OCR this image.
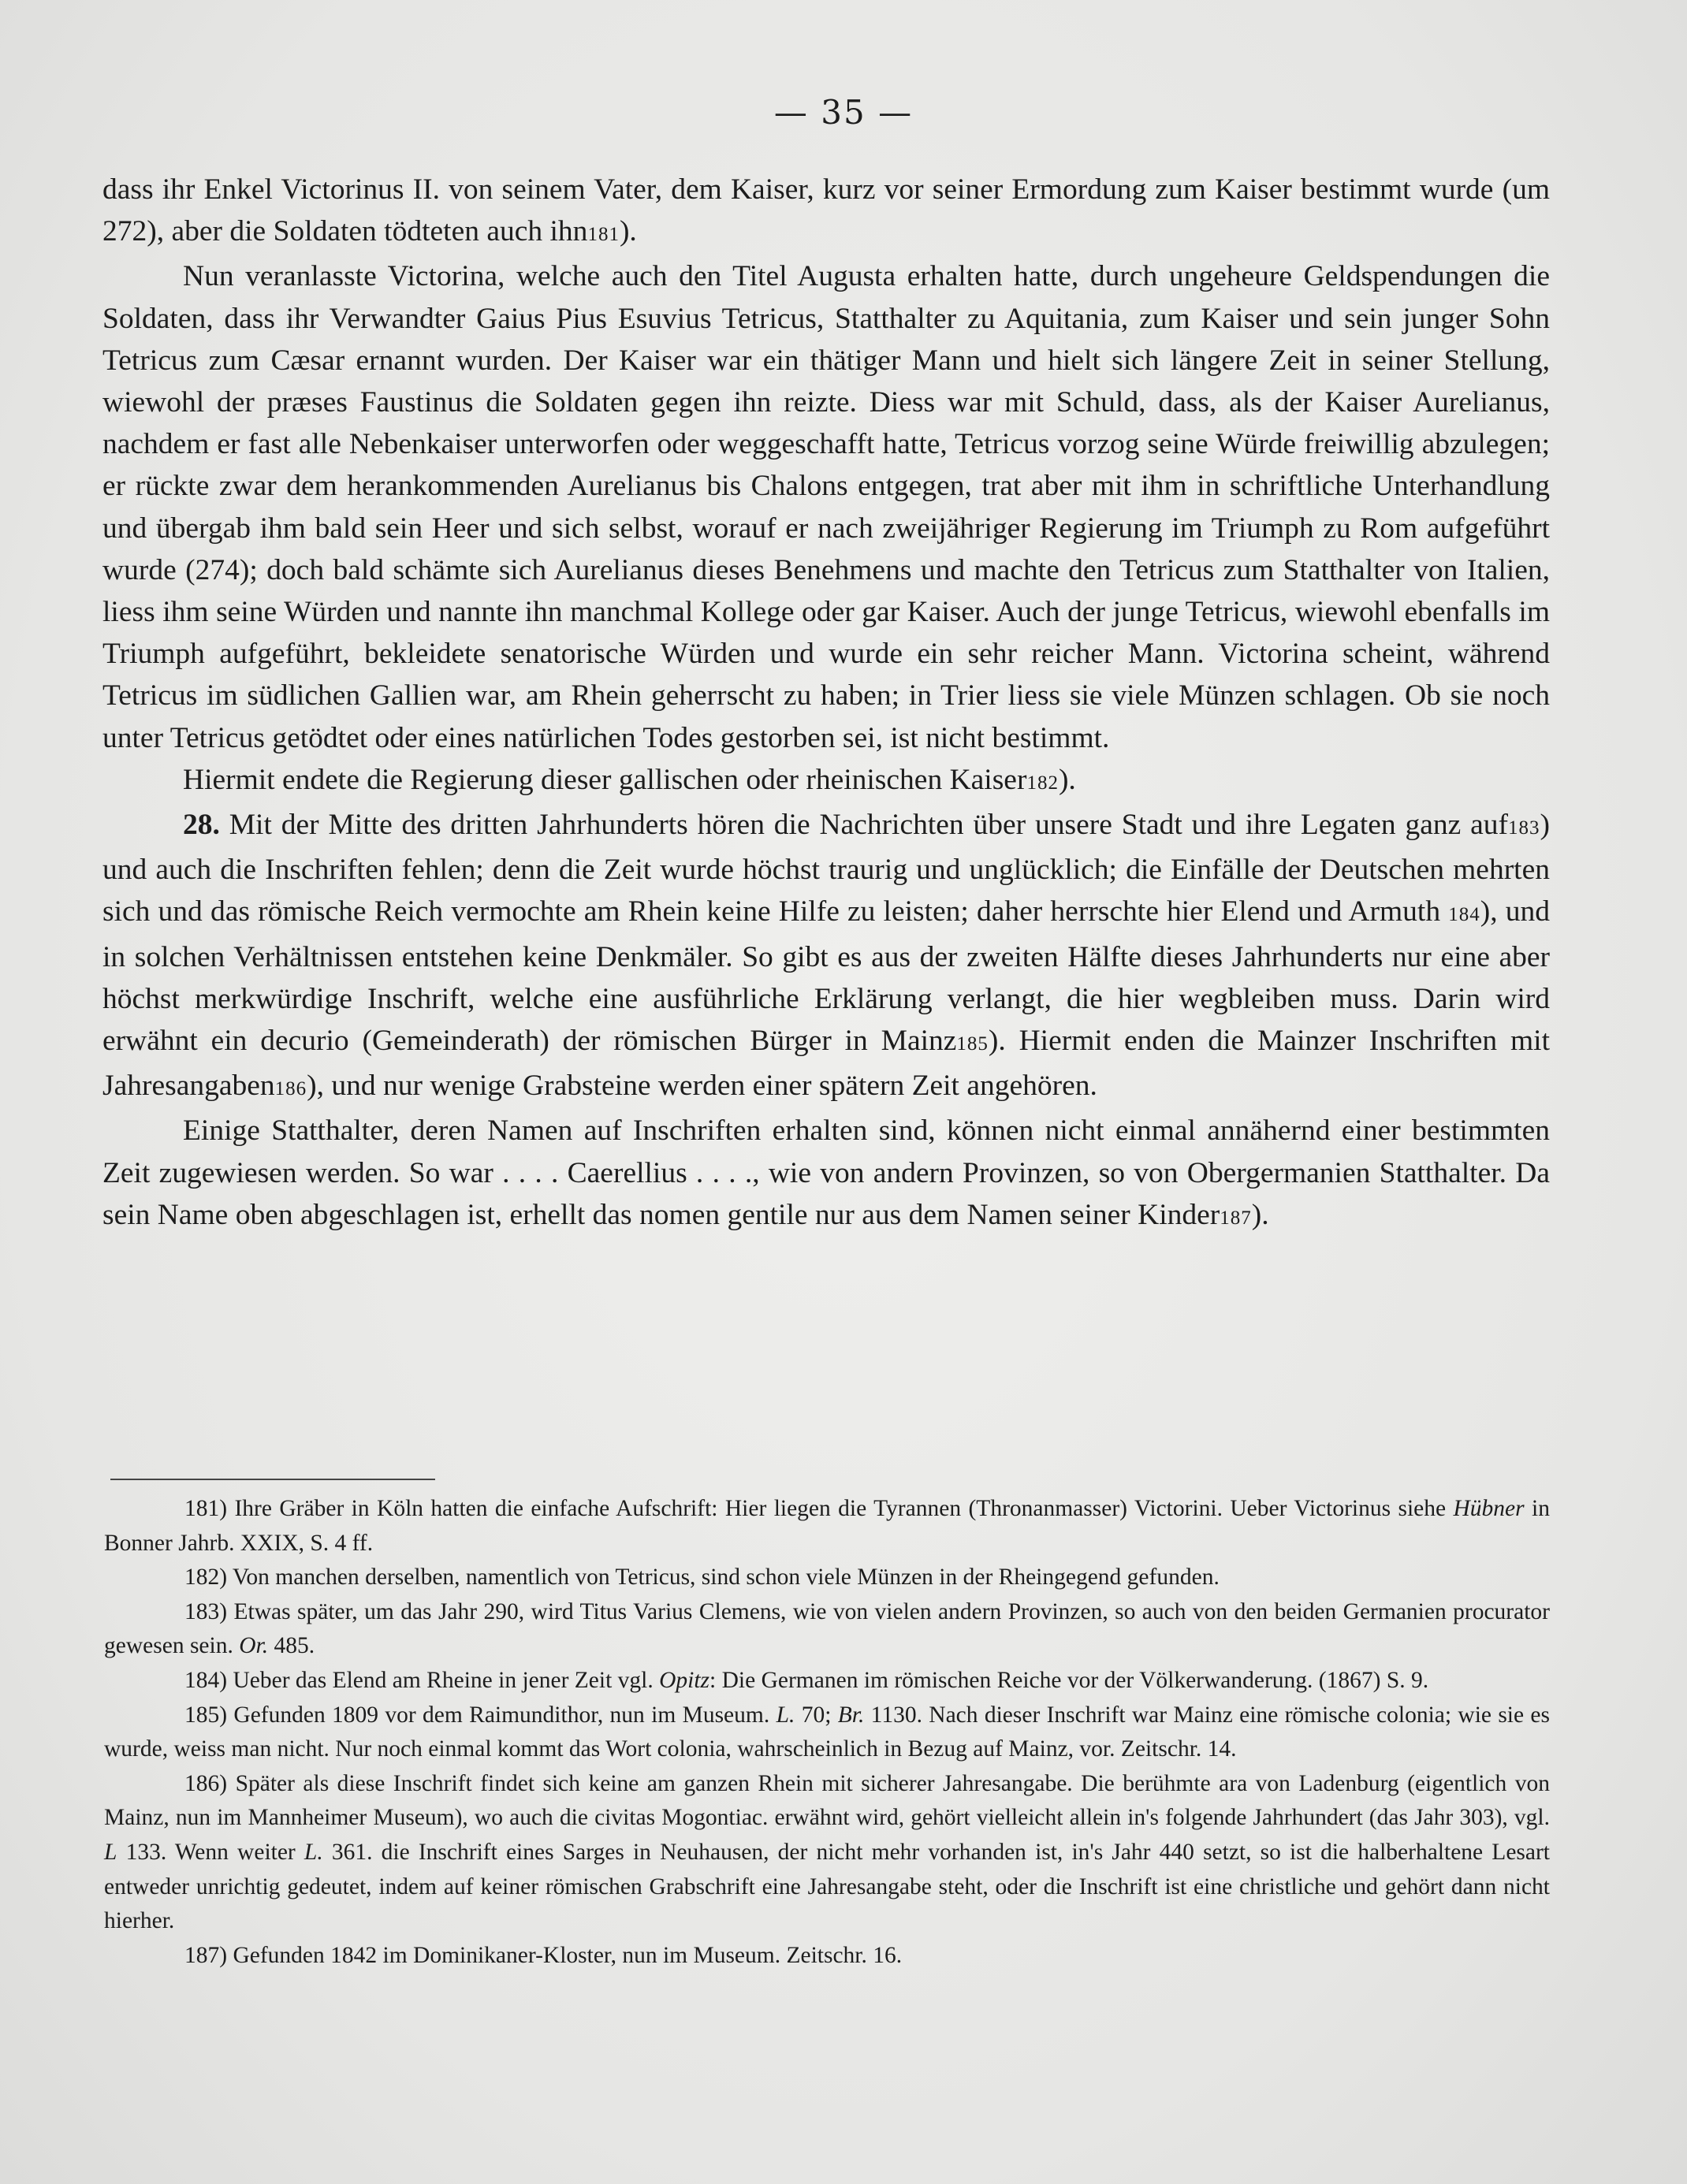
— 35 —

dass ihr Enkel Victorinus II. von seinem Vater, dem Kaiser, kurz vor seiner Ermordung zum Kaiser bestimmt wurde (um 272), aber die Soldaten tödteten auch ihn181).

Nun veranlasste Victorina, welche auch den Titel Augusta erhalten hatte, durch ungeheure Geldspendungen die Soldaten, dass ihr Verwandter Gaius Pius Esuvius Tetricus, Statthalter zu Aquitania, zum Kaiser und sein junger Sohn Tetricus zum Cæsar ernannt wurden. Der Kaiser war ein thätiger Mann und hielt sich längere Zeit in seiner Stellung, wiewohl der præses Faustinus die Soldaten gegen ihn reizte. Diess war mit Schuld, dass, als der Kaiser Aurelianus, nachdem er fast alle Nebenkaiser unterworfen oder weggeschafft hatte, Tetricus vorzog seine Würde freiwillig abzulegen; er rückte zwar dem herankommenden Aurelianus bis Chalons entgegen, trat aber mit ihm in schriftliche Unterhandlung und übergab ihm bald sein Heer und sich selbst, worauf er nach zweijähriger Regierung im Triumph zu Rom aufgeführt wurde (274); doch bald schämte sich Aurelianus dieses Benehmens und machte den Tetricus zum Statthalter von Italien, liess ihm seine Würden und nannte ihn manchmal Kollege oder gar Kaiser. Auch der junge Tetricus, wiewohl ebenfalls im Triumph aufgeführt, bekleidete senatorische Würden und wurde ein sehr reicher Mann. Victorina scheint, während Tetricus im südlichen Gallien war, am Rhein geherrscht zu haben; in Trier liess sie viele Münzen schlagen. Ob sie noch unter Tetricus getödtet oder eines natürlichen Todes gestorben sei, ist nicht bestimmt.

Hiermit endete die Regierung dieser gallischen oder rheinischen Kaiser182).

28. Mit der Mitte des dritten Jahrhunderts hören die Nachrichten über unsere Stadt und ihre Legaten ganz auf183) und auch die Inschriften fehlen; denn die Zeit wurde höchst traurig und unglücklich; die Einfälle der Deutschen mehrten sich und das römische Reich vermochte am Rhein keine Hilfe zu leisten; daher herrschte hier Elend und Armuth 184), und in solchen Verhältnissen entstehen keine Denkmäler. So gibt es aus der zweiten Hälfte dieses Jahrhunderts nur eine aber höchst merkwürdige Inschrift, welche eine ausführliche Erklärung verlangt, die hier wegbleiben muss. Darin wird erwähnt ein decurio (Gemeinderath) der römischen Bürger in Mainz185). Hiermit enden die Mainzer Inschriften mit Jahresangaben186), und nur wenige Grabsteine werden einer spätern Zeit angehören.

Einige Statthalter, deren Namen auf Inschriften erhalten sind, können nicht einmal annähernd einer bestimmten Zeit zugewiesen werden. So war . . . . Caerellius . . . ., wie von andern Provinzen, so von Obergermanien Statthalter. Da sein Name oben abgeschlagen ist, erhellt das nomen gentile nur aus dem Namen seiner Kinder187).

181) Ihre Gräber in Köln hatten die einfache Aufschrift: Hier liegen die Tyrannen (Thronanmasser) Victorini. Ueber Victorinus siehe Hübner in Bonner Jahrb. XXIX, S. 4 ff.

182) Von manchen derselben, namentlich von Tetricus, sind schon viele Münzen in der Rheingegend gefunden.

183) Etwas später, um das Jahr 290, wird Titus Varius Clemens, wie von vielen andern Provinzen, so auch von den beiden Germanien procurator gewesen sein. Or. 485.

184) Ueber das Elend am Rheine in jener Zeit vgl. Opitz: Die Germanen im römischen Reiche vor der Völkerwanderung. (1867) S. 9.

185) Gefunden 1809 vor dem Raimundithor, nun im Museum. L. 70; Br. 1130. Nach dieser Inschrift war Mainz eine römische colonia; wie sie es wurde, weiss man nicht. Nur noch einmal kommt das Wort colonia, wahrscheinlich in Bezug auf Mainz, vor. Zeitschr. 14.

186) Später als diese Inschrift findet sich keine am ganzen Rhein mit sicherer Jahresangabe. Die berühmte ara von Ladenburg (eigentlich von Mainz, nun im Mannheimer Museum), wo auch die civitas Mogontiac. erwähnt wird, gehört vielleicht allein in's folgende Jahrhundert (das Jahr 303), vgl. L 133. Wenn weiter L. 361. die Inschrift eines Sarges in Neuhausen, der nicht mehr vorhanden ist, in's Jahr 440 setzt, so ist die halberhaltene Lesart entweder unrichtig gedeutet, indem auf keiner römischen Grabschrift eine Jahresangabe steht, oder die Inschrift ist eine christliche und gehört dann nicht hierher.

187) Gefunden 1842 im Dominikaner-Kloster, nun im Museum. Zeitschr. 16.
